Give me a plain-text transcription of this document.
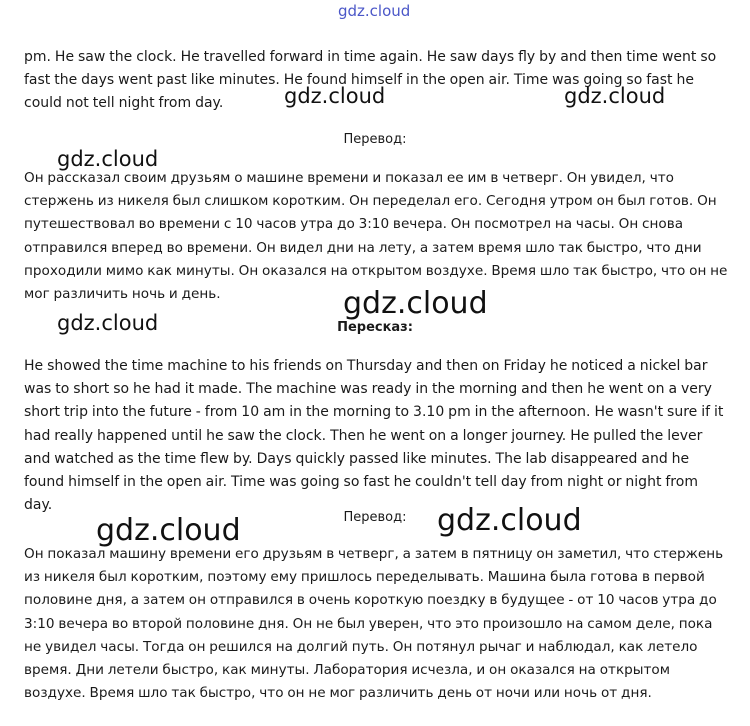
gdz.cloud

pm. He saw the clock. He travelled forward in time again. He saw days fly by and then time went so fast the days went past like minutes. He found himself in the open air. Time was going so fast he could not tell night from day.	gdz.cloud	gdz.cloud

Перевод:

gdz.cloud

Он рассказал своим друзьям о машине времени и показал ее им в четверг. Он увидел, что стержень из никеля был слишком коротким. Он переделал его. Сегодня утром он был готов. Он путешествовал во времени с 10 часов утра до 3:10 вечера. Он посмотрел на часы. Он снова отправился вперед во времени. Он видел дни на лету, а затем время шло так быстро, что дни проходили мимо как минуты. Он оказался на открытом воздухе. Время шло так быстро, что он не мог различить ночь и день.	gdz.cloud
gdz.cloud	Пересказ:

He showed the time machine to his friends on Thursday and then on Friday he noticed a nickel bar was to short so he had it made. The machine was ready in the morning and then he went on a very short trip into the future - from 10 am in the morning to 3.10 pm in the afternoon. He wasn't sure if it had really happened until he saw the clock. Then he went on a longer journey. He pulled the lever and watched as the time flew by. Days quickly passed like minutes. The lab disappeared and he found himself in the open air. Time was going so fast he couldn't tell day from night or night from day.	gdz.cloud

Перевод:

gdz.cloud

Он показал машину времени его друзьям в четверг, а затем в пятницу он заметил, что стержень из никеля был коротким, поэтому ему пришлось переделывать. Машина была готова в первой половине дня, а затем он отправился в очень короткую поездку в будущее - от 10 часов утра до 3:10 вечера во второй половине дня. Он не был уверен, что это произошло на самом деле, пока не увидел часы. Тогда он решился на долгий путь. Он потянул рычаг и наблюдал, как летело время. Дни летели быстро, как минуты. Лаборатория исчезла, и он оказался на открытом воздухе. Время шло так быстро, что он не мог различить день от ночи или ночь от дня.
